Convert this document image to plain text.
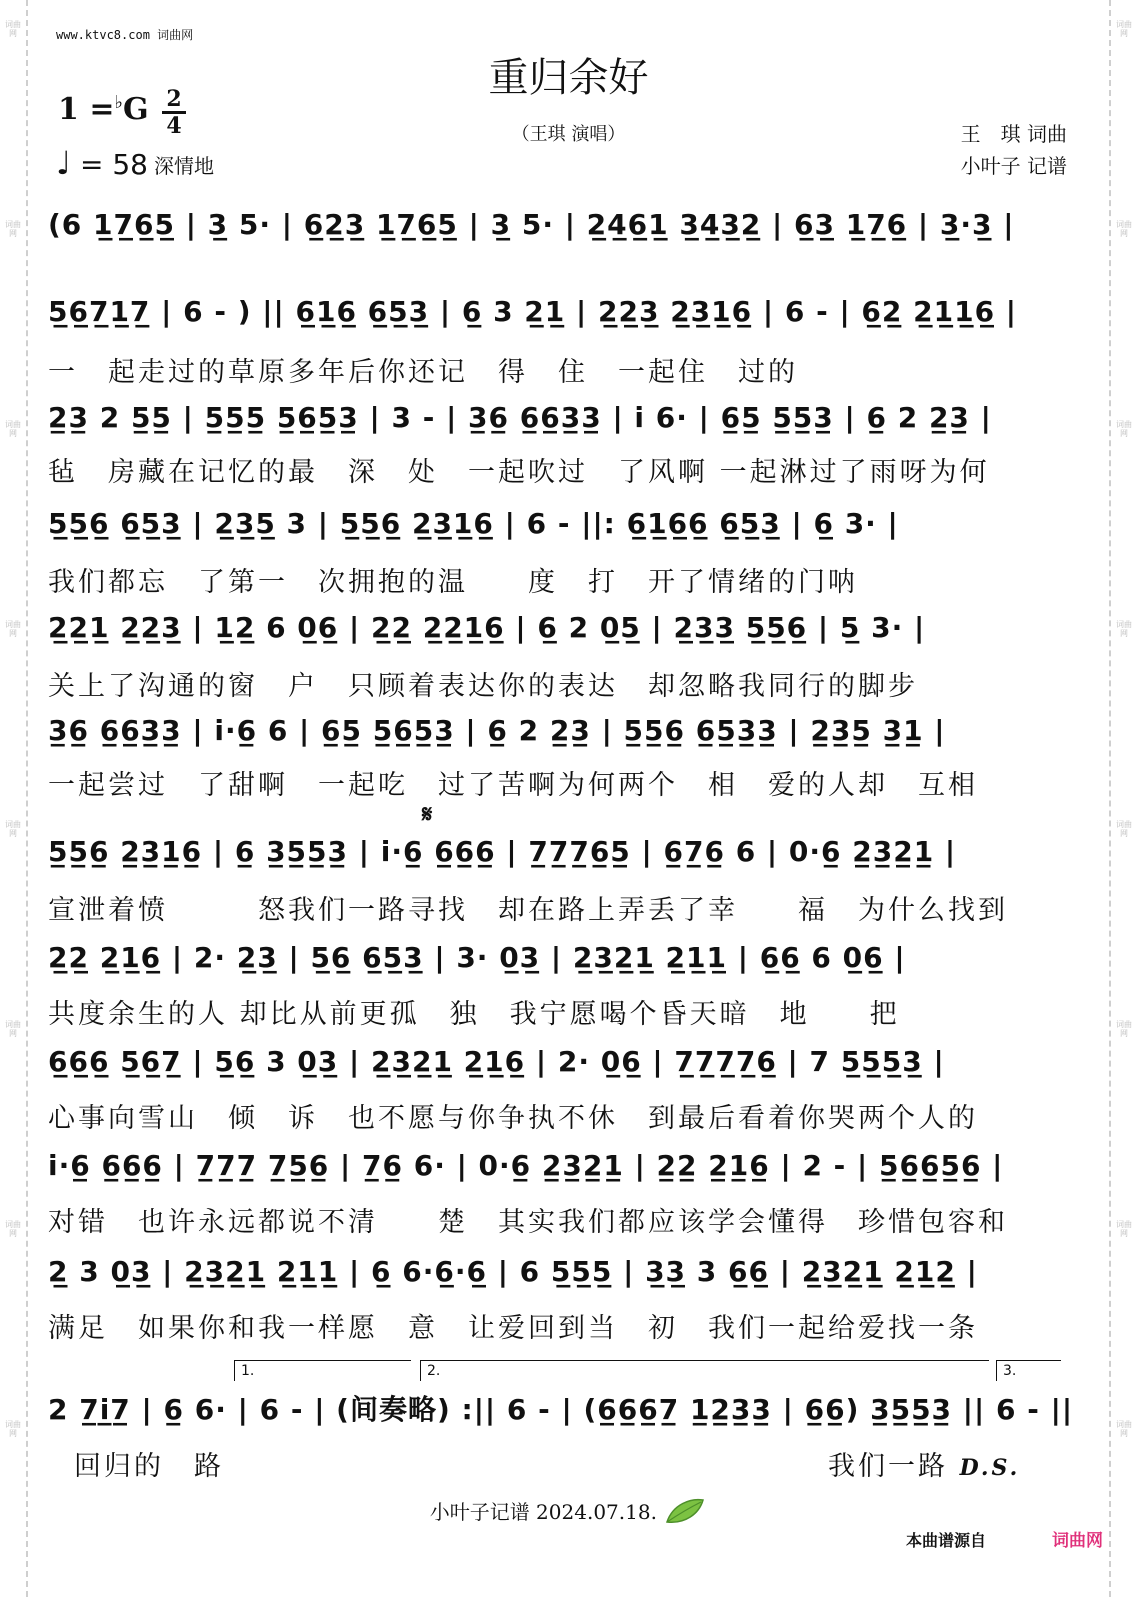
词曲网
词曲网
词曲网
词曲网
词曲网
词曲网
词曲网
词曲网
词曲网
词曲网
词曲网
词曲网
词曲网
词曲网
词曲网
词曲网
www.ktvc8.com 词曲网
重归余好
（王琪 演唱）
1 =♭G 2
4
♩ = 58 深情地
王　琪 词曲
小叶子 记谱
(6 1̲7̲6̲5̲ | 3̲ 5· | 6̲2̲3̲ 1̲7̲6̲5̲ | 3̲ 5· | 2̲4̲6̲1̲ 3̲4̲3̲2̲ | 6̲3̲ 1̲7̲6̲ | 3̲·3̲ |
5̲6̲7̲1̲7̲ | 6 - ) || 6̲1̲6̲ 6̲5̲3̲ | 6̲ 3 2̲1̲ | 2̲2̲3̲ 2̲3̲1̲6̲ | 6 - | 6̲2̲ 2̲1̲1̲6̲ |
一　起走过的草原多年后你还记　得　住　一起住　过的
2̲3̲ 2 5̲5̲ | 5̲5̲5̲ 5̲6̲5̲3̲ | 3 - | 3̲6̲ 6̲6̲3̲3̲ | i 6· | 6̲5̲ 5̲5̲3̲ | 6̲ 2 2̲3̲ |
毡　房藏在记忆的最　深　处　一起吹过　了风啊 一起淋过了雨呀为何
5̲5̲6̲ 6̲5̲3̲ | 2̲3̲5̲ 3 | 5̲5̲6̲ 2̲3̲1̲6̲ | 6 - ||: 6̲1̲6̲6̲ 6̲5̲3̲ | 6̲ 3· |
我们都忘　了第一　次拥抱的温　　度　打　开了情绪的门呐
2̲2̲1̲ 2̲2̲3̲ | 1̲2̲ 6 0̲6̲ | 2̲2̲ 2̲2̲1̲6̲ | 6̲ 2 0̲5̲ | 2̲3̲3̲ 5̲5̲6̲ | 5̲ 3· |
关上了沟通的窗　户　只顾着表达你的表达　却忽略我同行的脚步
3̲6̲ 6̲6̲3̲3̲ | i·6̲ 6 | 6̲5̲ 5̲6̲5̲3̲ | 6̲ 2 2̲3̲ | 5̲5̲6̲ 6̲5̲3̲3̲ | 2̲3̲5̲ 3̲1̲ |
一起尝过　了甜啊　一起吃　过了苦啊为何两个　相　爱的人却　互相
𝄋
5̲5̲6̲ 2̲3̲1̲6̲ | 6̲ 3̲5̲5̲3̲ | i·6̲ 6̲6̲6̲ | 7̲7̲7̲6̲5̲ | 6̲7̲6̲ 6 | 0·6̲ 2̲3̲2̲1̲ |
宣泄着愤　　　怒我们一路寻找　却在路上弄丢了幸　　福　为什么找到
2̲2̲ 2̲1̲6̲ | 2· 2̲3̲ | 5̲6̲ 6̲5̲3̲ | 3· 0̲3̲ | 2̲3̲2̲1̲ 2̲1̲1̲ | 6̲6̲ 6 0̲6̲ |
共度余生的人 却比从前更孤　独　我宁愿喝个昏天暗　地　　把
6̲6̲6̲ 5̲6̲7̲ | 5̲6̲ 3 0̲3̲ | 2̲3̲2̲1̲ 2̲1̲6̲ | 2· 0̲6̲ | 7̲7̲7̲7̲6̲ | 7 5̲5̲5̲3̲ |
心事向雪山　倾　诉　也不愿与你争执不休　到最后看着你哭两个人的
i·6̲ 6̲6̲6̲ | 7̲7̲7̲ 7̲5̲6̲ | 7̲6̲ 6· | 0·6̲ 2̲3̲2̲1̲ | 2̲2̲ 2̲1̲6̲ | 2 - | 5̲6̲6̲5̲6̲ |
对错　也许永远都说不清　　楚　其实我们都应该学会懂得　珍惜包容和
2̲ 3 0̲3̲ | 2̲3̲2̲1̲ 2̲1̲1̲ | 6̲ 6·6̲·6̲ | 6 5̲5̲5̲ | 3̲3̲ 3 6̲6̲ | 2̲3̲2̲1̲ 2̲1̲2̲ |
满足　如果你和我一样愿　意　让爱回到当　初　我们一起给爱找一条
1.	2.	3.
2 7̲i̲7̲ | 6̲ 6· | 6 - | (间奏略) :|| 6 - | (6̲6̲6̲7̲ 1̲2̲3̲3̲ | 6̲6̲) 3̲5̲5̲3̲ || 6 - ||
回归的　路	我们一路 D.S.
小叶子记谱 2024.07.18.
本曲谱源自	词曲网
